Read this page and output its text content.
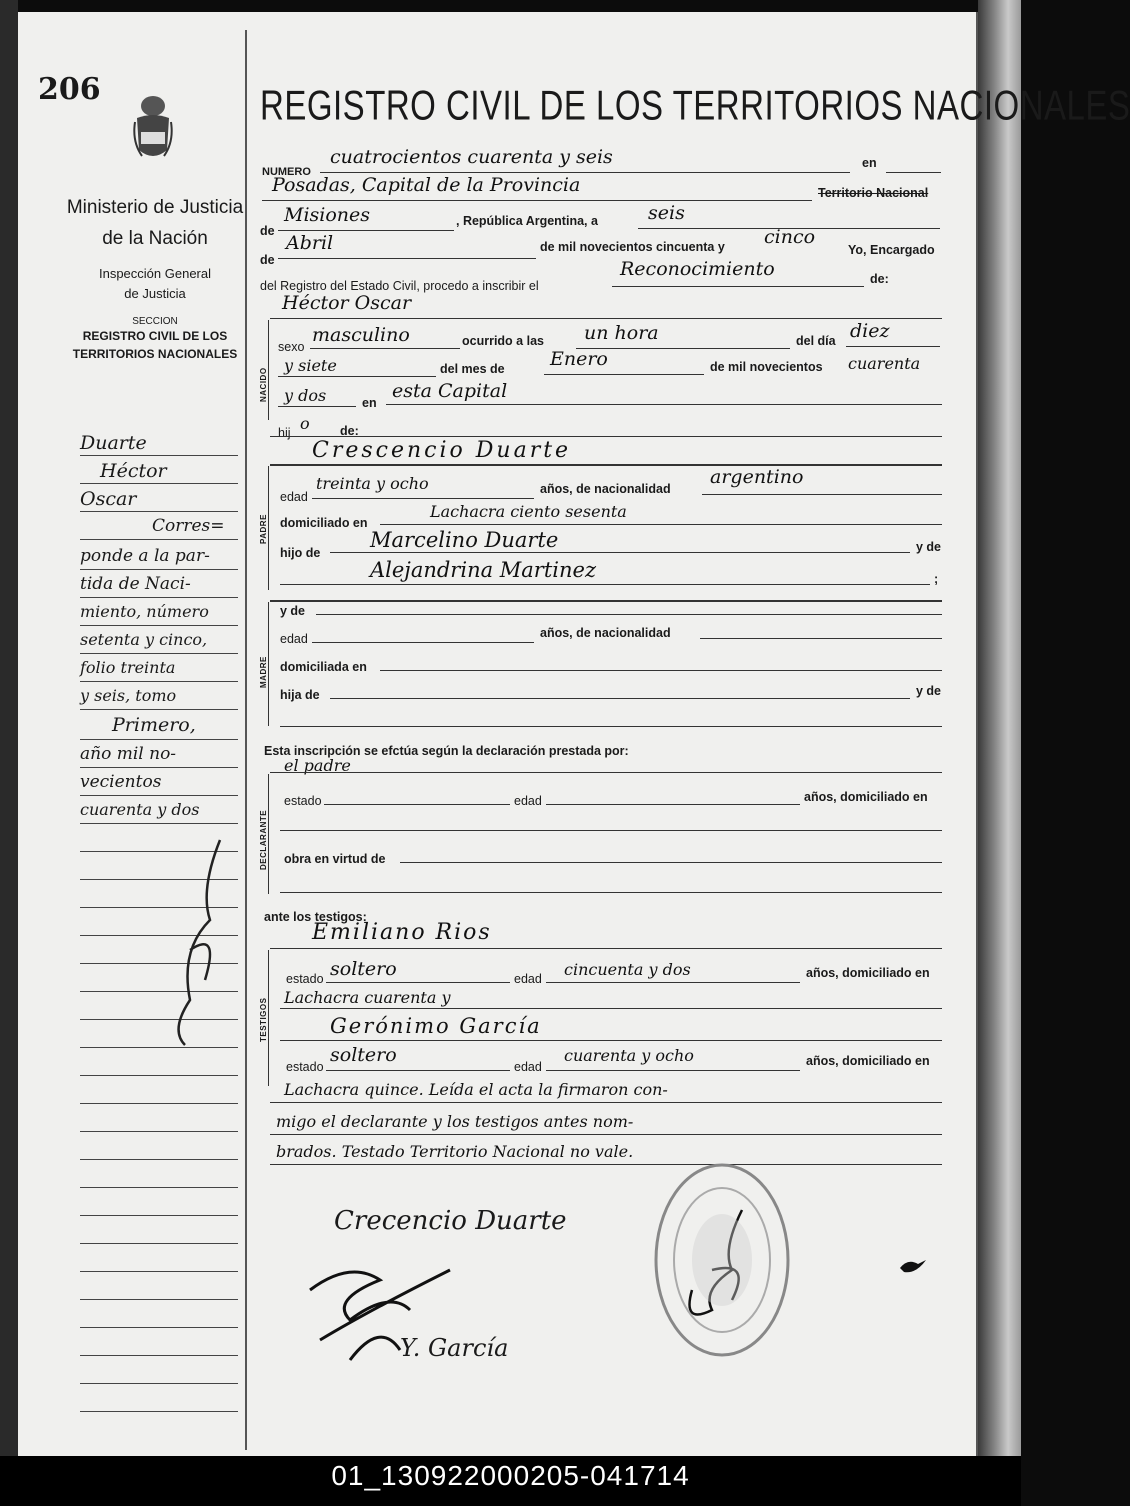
206
Ministerio de Justicia
de la Nación
Inspección General
de Justicia
SECCION
REGISTRO CIVIL DE LOS
TERRITORIOS NACIONALES
Duarte
Héctor
Oscar
Corres=
ponde a la par-
tida de Naci-
miento, número
setenta y cinco,
folio treinta
y seis, tomo
Primero,
año mil no-
vecientos
cuarenta y dos
REGISTRO CIVIL DE LOS TERRITORIOS NACIONALES
NUMERO
cuatrocientos cuarenta y seis	en
Posadas, Capital de la Provincia	Territorio Nacional
de
Misiones	, República Argentina, a	seis
de
Abril	de mil novecientos cincuenta y cinco
Yo, Encargado
del Registro del Estado Civil, procedo a inscribir el
Reconocimiento	de:
Héctor Oscar
NACIDO
sexo
masculino	ocurrido a las un hora	del día diez
y siete	del mes de Enero	de mil novecientos cuarenta
y dos	en
esta Capital
hij o de:
Crescencio Duarte
PADRE
edad
treinta y ocho	años, de nacionalidad
argentino
domiciliado en
Lachacra ciento sesenta
hijo de
Marcelino Duarte	y de
Alejandrina Martinez	;
MADRE
y de
edad	años, de nacionalidad
domiciliada en
hija de	y de
Esta inscripción se efctúa según la declaración prestada por:
el padre
DECLARANTE
estado	edad	años, domiciliado en
obra en virtud de
ante los testigos:
Emiliano Rios
TESTIGOS
estado soltero	edad cincuenta y dos	años, domiciliado en
Lachacra cuarenta y
Gerónimo García
estado
soltero
edad
cuarenta y ocho	años, domiciliado en
Lachacra quince. Leída el acta la firmaron con-
migo el declarante y los testigos antes nom-
brados. Testado Territorio Nacional no vale.
Crecencio Duarte
Y. García
01_130922000205-041714
